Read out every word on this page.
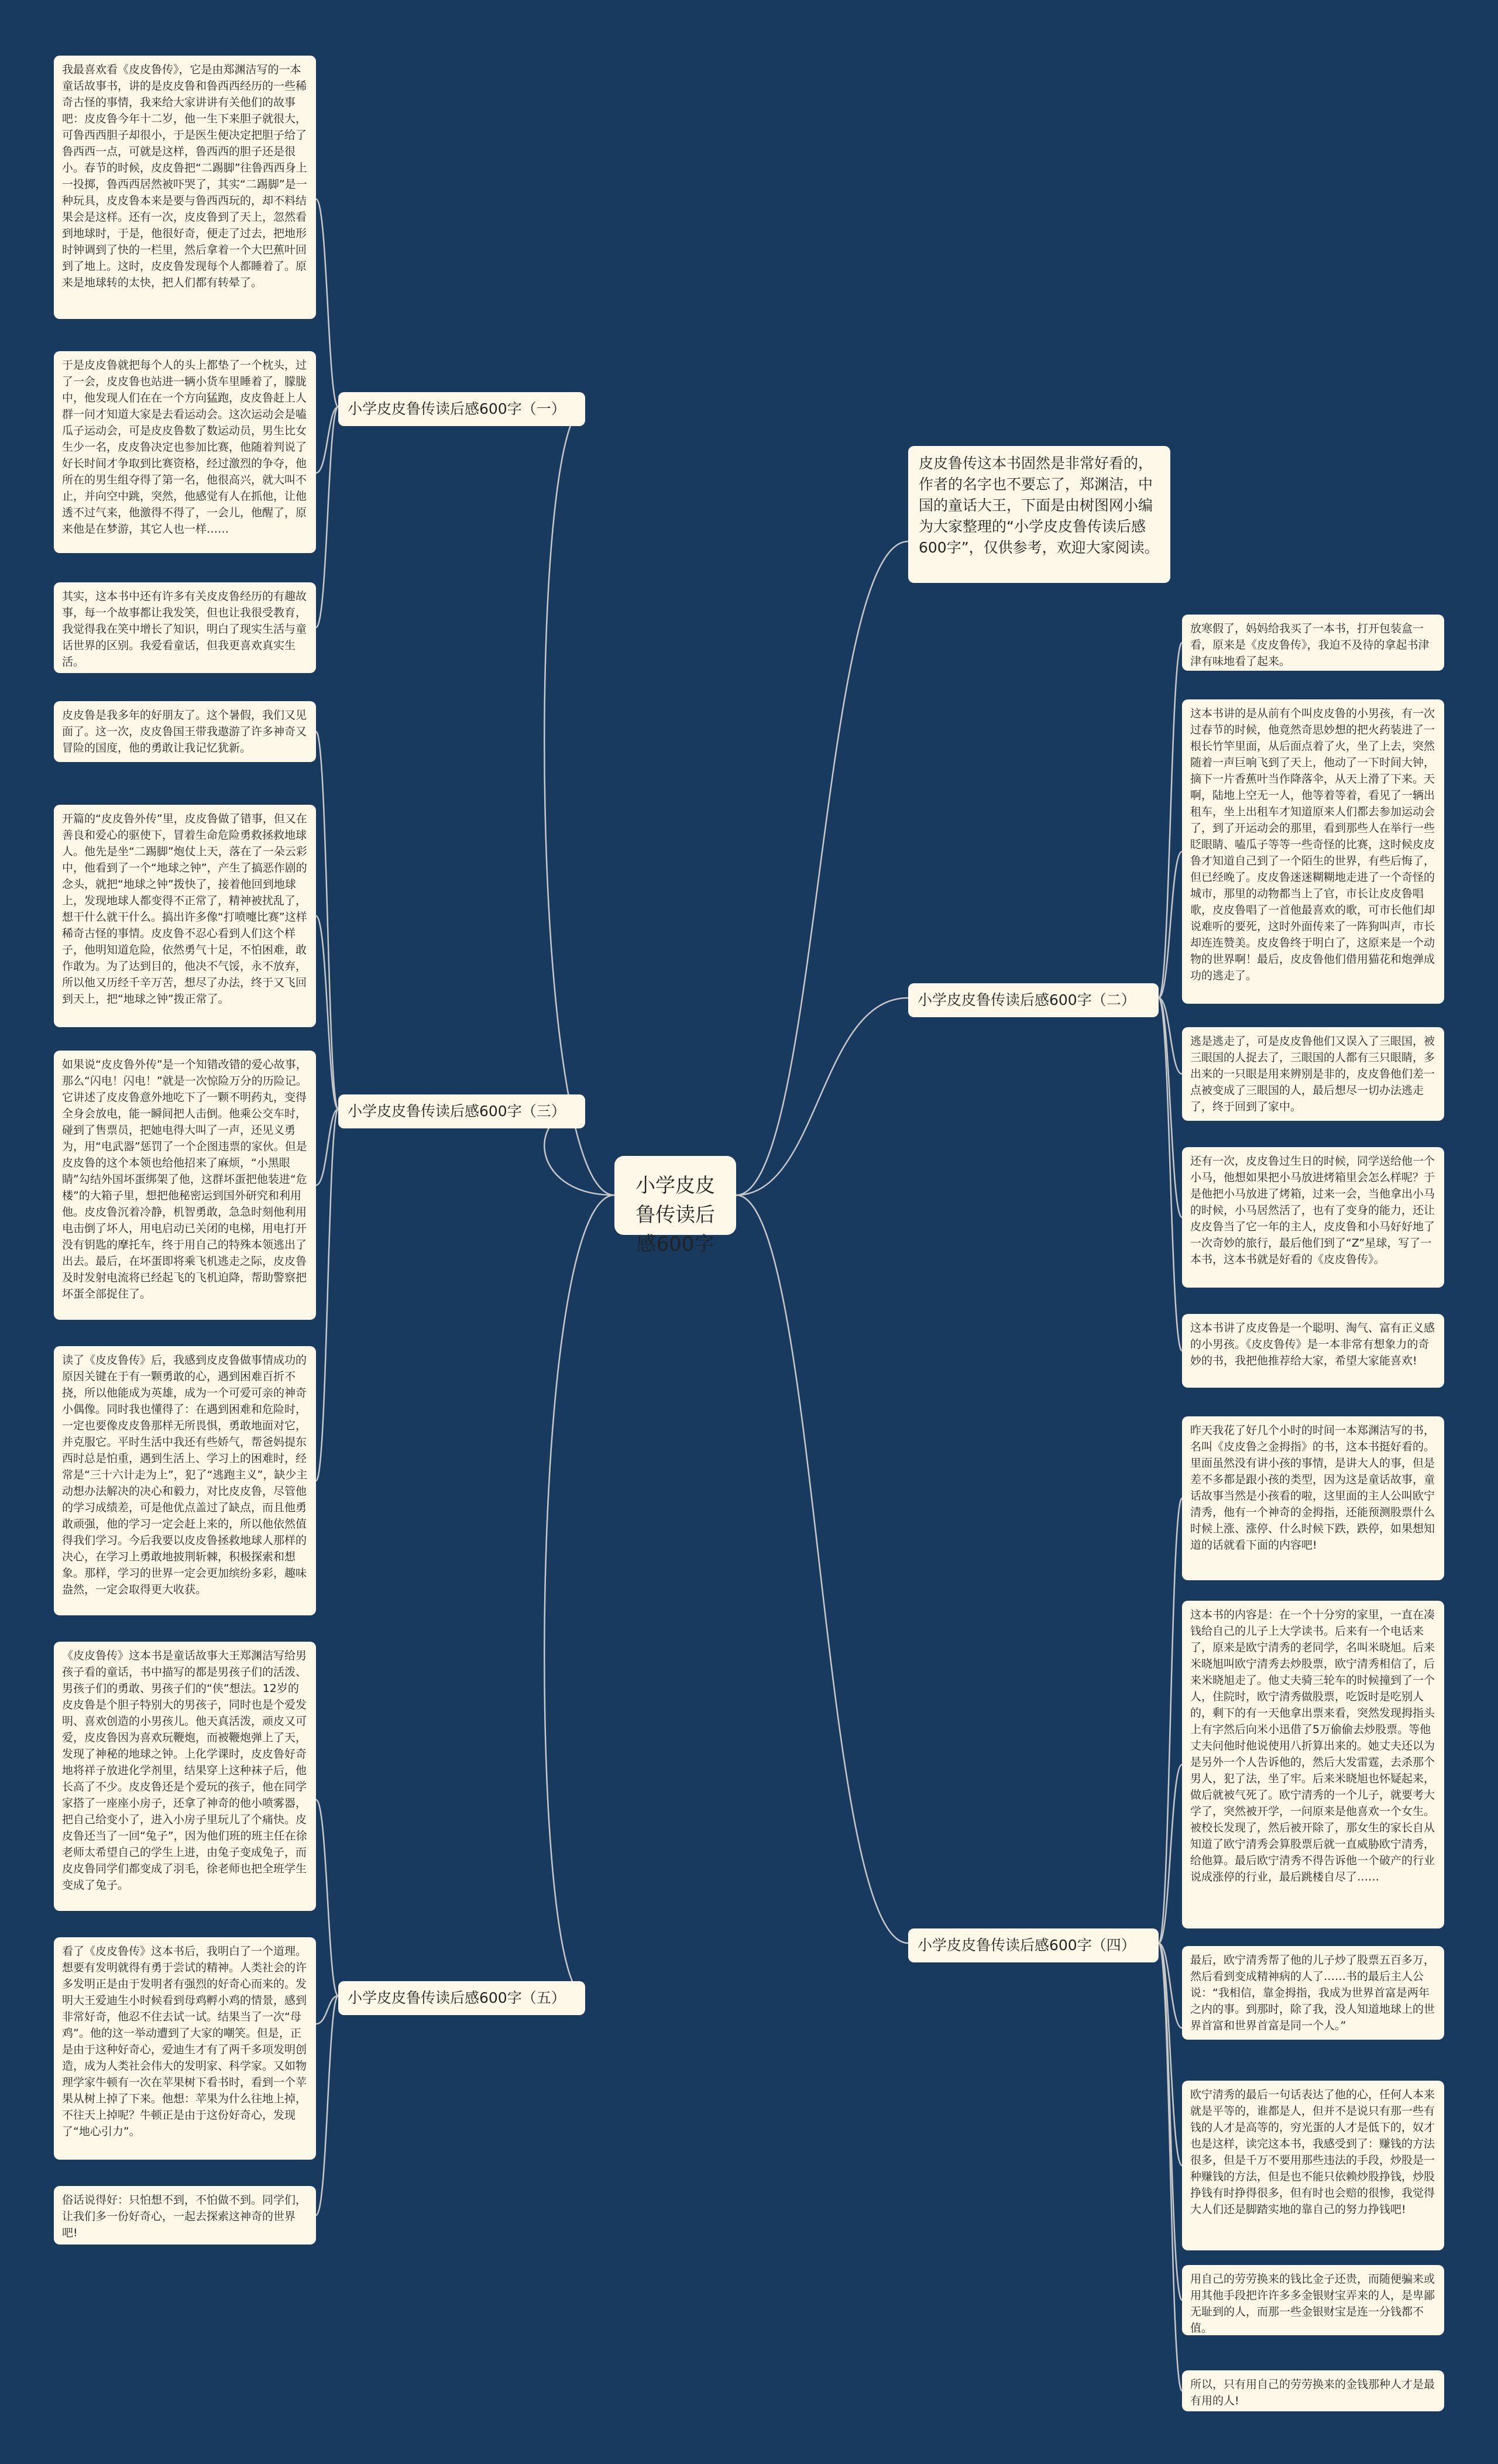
小学皮皮鲁传读后感600字
皮皮鲁传这本书固然是非常好看的，作者的名字也不要忘了，郑渊洁，中国的童话大王，下面是由树图网小编为大家整理的“小学皮皮鲁传读后感600字”，仅供参考，欢迎大家阅读。
小学皮皮鲁传读后感600字（一）
小学皮皮鲁传读后感600字（三）
小学皮皮鲁传读后感600字（五）
小学皮皮鲁传读后感600字（二）
小学皮皮鲁传读后感600字（四）
我最喜欢看《皮皮鲁传》，它是由郑渊洁写的一本童话故事书，讲的是皮皮鲁和鲁西西经历的一些稀奇古怪的事情，我来给大家讲讲有关他们的故事吧：皮皮鲁今年十二岁，他一生下来胆子就很大，可鲁西西胆子却很小，于是医生便决定把胆子给了鲁西西一点，可就是这样，鲁西西的胆子还是很小。春节的时候，皮皮鲁把“二踢脚”往鲁西西身上一投掷，鲁西西居然被吓哭了，其实“二踢脚”是一种玩具，皮皮鲁本来是要与鲁西西玩的，却不料结果会是这样。还有一次，皮皮鲁到了天上，忽然看到地球时，于是，他很好奇，便走了过去，把地形时钟调到了快的一栏里，然后拿着一个大巴蕉叶回到了地上。这时，皮皮鲁发现每个人都睡着了。原来是地球转的太快，把人们都有转晕了。
于是皮皮鲁就把每个人的头上都垫了一个枕头，过了一会，皮皮鲁也站进一辆小货车里睡着了，朦胧中，他发现人们在在一个方向猛跑，皮皮鲁赶上人群一问才知道大家是去看运动会。这次运动会是嗑瓜子运动会，可是皮皮鲁数了数运动员，男生比女生少一名，皮皮鲁决定也参加比赛，他随着判说了好长时间才争取到比赛资格，经过激烈的争夺，他所在的男生组夺得了第一名，他很高兴，就大叫不止，并向空中跳，突然，他感觉有人在抓他，让他透不过气来，他激得不得了，一会儿，他醒了，原来他是在梦游，其它人也一样……
其实，这本书中还有许多有关皮皮鲁经历的有趣故事，每一个故事都让我发笑，但也让我很受教育，我觉得我在笑中增长了知识，明白了现实生活与童话世界的区别。我爱看童话，但我更喜欢真实生活。
皮皮鲁是我多年的好朋友了。这个暑假，我们又见面了。这一次，皮皮鲁国王带我遨游了许多神奇又冒险的国度，他的勇敢让我记忆犹新。
开篇的“皮皮鲁外传”里，皮皮鲁做了错事，但又在善良和爱心的驱使下，冒着生命危险勇救拯救地球人。他先是坐“二踢脚”炮仗上天，落在了一朵云彩中，他看到了一个“地球之钟”，产生了搞恶作剧的念头，就把“地球之钟”拨快了，接着他回到地球上，发现地球人都变得不正常了，精神被扰乱了，想干什么就干什么。搞出许多像“打喷嚏比赛”这样稀奇古怪的事情。皮皮鲁不忍心看到人们这个样子，他明知道危险，依然勇气十足，不怕困难，敢作敢为。为了达到目的，他决不气馁，永不放弃，所以他又历经千辛万苦，想尽了办法，终于又飞回到天上，把“地球之钟”拨正常了。
如果说“皮皮鲁外传”是一个知错改错的爱心故事，那么“闪电！闪电！”就是一次惊险万分的历险记。它讲述了皮皮鲁意外地吃下了一颗不明药丸，变得全身会放电，能一瞬间把人击倒。他乘公交车时，碰到了售票员，把她电得大叫了一声，还见义勇为，用“电武器”惩罚了一个企图违票的家伙。但是皮皮鲁的这个本领也给他招来了麻烦，“小黑眼睛”勾结外国坏蛋绑架了他，这群坏蛋把他装进“危楼”的大箱子里，想把他秘密运到国外研究和利用他。皮皮鲁沉着冷静，机智勇敢，急急时刻他利用电击倒了坏人，用电启动已关闭的电梯，用电打开没有钥匙的摩托车，终于用自己的特殊本领逃出了出去。最后，在坏蛋即将乘飞机逃走之际，皮皮鲁及时发射电流将已经起飞的飞机迫降，帮助警察把坏蛋全部捉住了。
读了《皮皮鲁传》后，我感到皮皮鲁做事情成功的原因关键在于有一颗勇敢的心，遇到困难百折不挠，所以他能成为英雄，成为一个可爱可亲的神奇小偶像。同时我也懂得了：在遇到困难和危险时，一定也要像皮皮鲁那样无所畏惧，勇敢地面对它，并克服它。平时生活中我还有些娇气，帮爸妈提东西时总是怕重，遇到生活上、学习上的困难时，经常是“三十六计走为上”，犯了“逃跑主义”，缺少主动想办法解决的决心和毅力，对比皮皮鲁，尽管他的学习成绩差，可是他优点盖过了缺点，而且他勇敢顽强，他的学习一定会赶上来的，所以他依然值得我们学习。今后我要以皮皮鲁拯救地球人那样的决心，在学习上勇敢地披荆斩棘，积极探索和想象。那样，学习的世界一定会更加缤纷多彩，趣味盎然，一定会取得更大收获。
《皮皮鲁传》这本书是童话故事大王郑渊洁写给男孩子看的童话，书中描写的都是男孩子们的活泼、男孩子们的勇敢、男孩子们的“侠”想法。12岁的皮皮鲁是个胆子特别大的男孩子，同时也是个爱发明、喜欢创造的小男孩儿。他天真活泼，顽皮又可爱，皮皮鲁因为喜欢玩鞭炮，而被鞭炮弹上了天，发现了神秘的地球之钟。上化学课时，皮皮鲁好奇地将祥子放进化学剂里，结果穿上这种袜子后，他长高了不少。皮皮鲁还是个爱玩的孩子，他在同学家搭了一座座小房子，还拿了神奇的他小喷雾器，把自己给变小了，进入小房子里玩儿了个痛快。皮皮鲁还当了一回“兔子”，因为他们班的班主任在徐老师太希望自己的学生上进，由兔子变成兔子，而皮皮鲁同学们都变成了羽毛，徐老师也把全班学生变成了兔子。
看了《皮皮鲁传》这本书后，我明白了一个道理。想要有发明就得有勇于尝试的精神。人类社会的许多发明正是由于发明者有强烈的好奇心而来的。发明大王爱迪生小时候看到母鸡孵小鸡的情景，感到非常好奇，他忍不住去试一试。结果当了一次“母鸡”。他的这一举动遭到了大家的嘲笑。但是，正是由于这种好奇心，爱迪生才有了两千多项发明创造，成为人类社会伟大的发明家、科学家。又如物理学家牛顿有一次在苹果树下看书时，看到一个苹果从树上掉了下来。他想：苹果为什么往地上掉，不往天上掉呢？牛顿正是由于这份好奇心，发现了“地心引力”。
俗话说得好：只怕想不到，不怕做不到。同学们，让我们多一份好奇心，一起去探索这神奇的世界吧!
放寒假了，妈妈给我买了一本书，打开包装盒一看，原来是《皮皮鲁传》，我迫不及待的拿起书津津有味地看了起来。
这本书讲的是从前有个叫皮皮鲁的小男孩，有一次过春节的时候，他竟然奇思妙想的把火药装进了一根长竹竿里面，从后面点着了火，坐了上去，突然随着一声巨响飞到了天上，他动了一下时间大钟，摘下一片香蕉叶当作降落伞，从天上滑了下来。天啊，陆地上空无一人，他等着等着，看见了一辆出租车，坐上出租车才知道原来人们都去参加运动会了，到了开运动会的那里，看到那些人在举行一些眨眼睛、嗑瓜子等等一些奇怪的比赛，这时候皮皮鲁才知道自己到了一个陌生的世界，有些后悔了，但已经晚了。皮皮鲁迷迷糊糊地走进了一个奇怪的城市，那里的动物都当上了官，市长让皮皮鲁唱歌，皮皮鲁唱了一首他最喜欢的歌，可市长他们却说难听的要死，这时外面传来了一阵狗叫声，市长却连连赞美。皮皮鲁终于明白了，这原来是一个动物的世界啊！最后，皮皮鲁他们借用猫花和炮弹成功的逃走了。
逃是逃走了，可是皮皮鲁他们又误入了三眼国，被三眼国的人捉去了，三眼国的人都有三只眼睛，多出来的一只眼是用来辨别是非的，皮皮鲁他们差一点被变成了三眼国的人，最后想尽一切办法逃走了，终于回到了家中。
还有一次，皮皮鲁过生日的时候，同学送给他一个小马，他想如果把小马放进烤箱里会怎么样呢？于是他把小马放进了烤箱，过来一会，当他拿出小马的时候，小马居然活了，也有了变身的能力，还让皮皮鲁当了它一年的主人，皮皮鲁和小马好好地了一次奇妙的旅行，最后他们到了“Z”星球，写了一本书，这本书就是好看的《皮皮鲁传》。
这本书讲了皮皮鲁是一个聪明、淘气、富有正义感的小男孩。《皮皮鲁传》是一本非常有想象力的奇妙的书，我把他推荐给大家，希望大家能喜欢!
昨天我花了好几个小时的时间一本郑渊洁写的书，名叫《皮皮鲁之金拇指》的书，这本书挺好看的。里面虽然没有讲小孩的事情，是讲大人的事，但是差不多都是跟小孩的类型，因为这是童话故事，童话故事当然是小孩看的啦，这里面的主人公叫欧宁清秀，他有一个神奇的金拇指，还能预测股票什么时候上涨、涨停、什么时候下跌，跌停，如果想知道的话就看下面的内容吧!
这本书的内容是：在一个十分穷的家里，一直在凑钱给自己的儿子上大学读书。后来有一个电话来了，原来是欧宁清秀的老同学，名叫米晓旭。后来米晓旭叫欧宁清秀去炒股票，欧宁清秀相信了，后来米晓旭走了。他丈夫骑三轮车的时候撞到了一个人，住院时，欧宁清秀做股票，吃饭时是吃别人的，剩下的有一天他拿出票来看，突然发现拇指头上有字然后向米小迅借了5万偷偷去炒股票。等他丈夫问他时他说使用八折算出来的。她丈夫还以为是另外一个人告诉他的，然后大发雷霆，去杀那个男人，犯了法，坐了牢。后来米晓旭也怀疑起来，做后就被气死了。欧宁清秀的一个儿子，就要考大学了，突然被开学，一问原来是他喜欢一个女生。被校长发现了，然后被开除了，那女生的家长自从知道了欧宁清秀会算股票后就一直威胁欧宁清秀，给他算。最后欧宁清秀不得告诉他一个破产的行业说成涨停的行业，最后跳楼自尽了……
最后，欧宁清秀帮了他的儿子炒了股票五百多万，然后看到变成精神病的人了……书的最后主人公说：“我相信，靠金拇指，我成为世界首富是两年之内的事。到那时，除了我，没人知道地球上的世界首富和世界首富是同一个人。”
欧宁清秀的最后一句话表达了他的心，任何人本来就是平等的，谁都是人，但并不是说只有那一些有钱的人才是高等的，穷光蛋的人才是低下的，奴才也是这样，读完这本书，我感受到了：赚钱的方法很多，但是千万不要用那些违法的手段，炒股是一种赚钱的方法，但是也不能只依赖炒股挣钱，炒股挣钱有时挣得很多，但有时也会赔的很惨，我觉得大人们还是脚踏实地的靠自己的努力挣钱吧!
用自己的劳劳换来的钱比金子还贵，而随便骗来或用其他手段把许许多多金银财宝弄来的人，是卑鄙无耻到的人，而那一些金银财宝是连一分钱都不值。
所以，只有用自己的劳劳换来的金钱那种人才是最有用的人!
